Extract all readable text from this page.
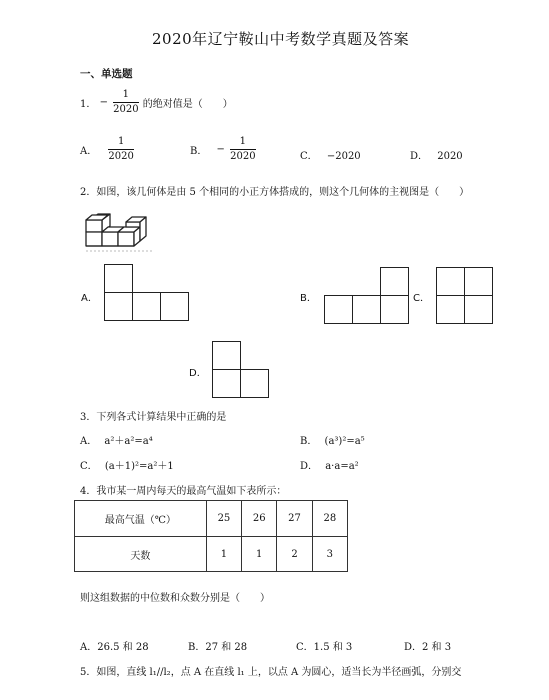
2020年辽宁鞍山中考数学真题及答案
一、单选题
1． − $\frac{1}{2020}$ 的绝对值是（　　）
A． $\frac{1}{2020}$	B． − $\frac{1}{2020}$	C． −2020	D． 2020
2．如图，该几何体是由 5 个相同的小正方体搭成的，则这个几何体的主视图是（　　）
A．	B．	C．
D．
3．下列各式计算结果中正确的是
A． a²＋a²=a⁴	B． (a³)²=a⁵
C． (a＋1)²=a²＋1	D． a·a=a²
4．我市某一周内每天的最高气温如下表所示：
最高气温（℃）	25	26	27	28
天数	1	1	2	3
则这组数据的中位数和众数分别是（　　）
A．26.5 和 28	B．27 和 28	C．1.5 和 3	D．2 和 3
5．如图，直线 l₁//l₂，点 A 在直线 l₁ 上，以点 A 为圆心，适当长为半径画弧，分别交
